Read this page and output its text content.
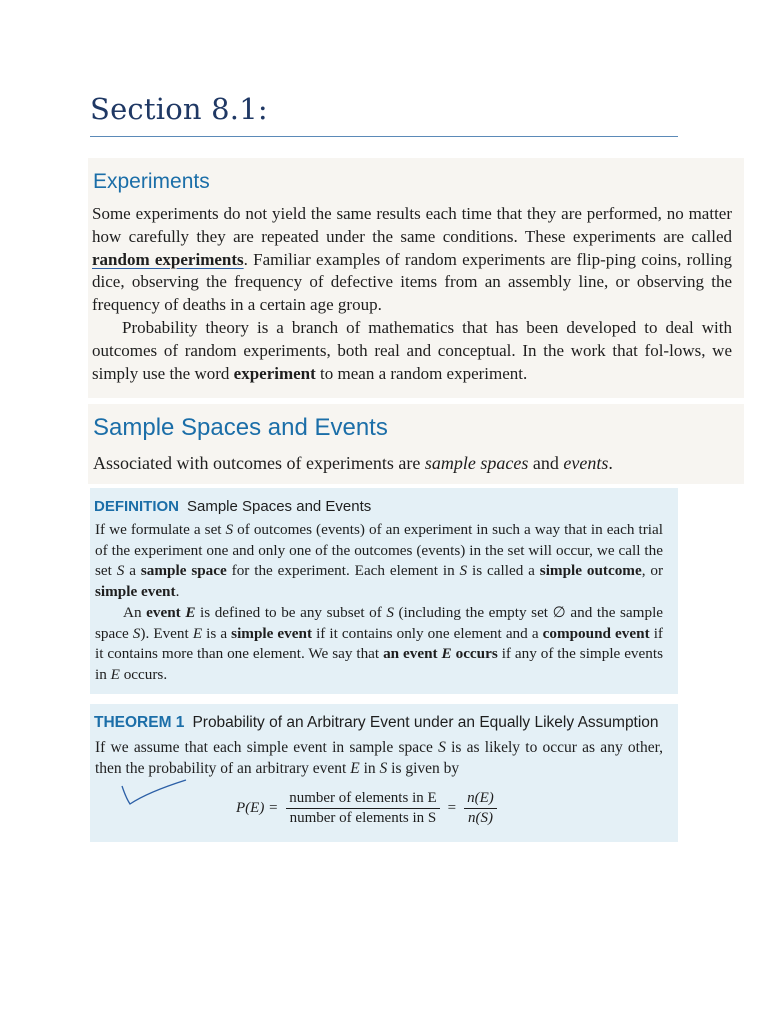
Section 8.1:
Experiments

Some experiments do not yield the same results each time that they are performed, no matter how carefully they are repeated under the same conditions. These experiments are called random experiments. Familiar examples of random experiments are flip-ping coins, rolling dice, observing the frequency of defective items from an assembly line, or observing the frequency of deaths in a certain age group.

Probability theory is a branch of mathematics that has been developed to deal with outcomes of random experiments, both real and conceptual. In the work that fol-lows, we simply use the word experiment to mean a random experiment.

Sample Spaces and Events

Associated with outcomes of experiments are sample spaces and events.

DEFINITION Sample Spaces and Events

If we formulate a set S of outcomes (events) of an experiment in such a way that in each trial of the experiment one and only one of the outcomes (events) in the set will occur, we call the set S a sample space for the experiment. Each element in S is called a simple outcome, or simple event.

An event E is defined to be any subset of S (including the empty set ∅ and the sample space S). Event E is a simple event if it contains only one element and a compound event if it contains more than one element. We say that an event E occurs if any of the simple events in E occurs.

THEOREM 1 Probability of an Arbitrary Event under an Equally Likely Assumption

If we assume that each simple event in sample space S is as likely to occur as any other, then the probability of an arbitrary event E in S is given by

$P(E) = \frac{\text{number of elements in E}}{\text{number of elements in S}} = \frac{n(E)}{n(S)}$
